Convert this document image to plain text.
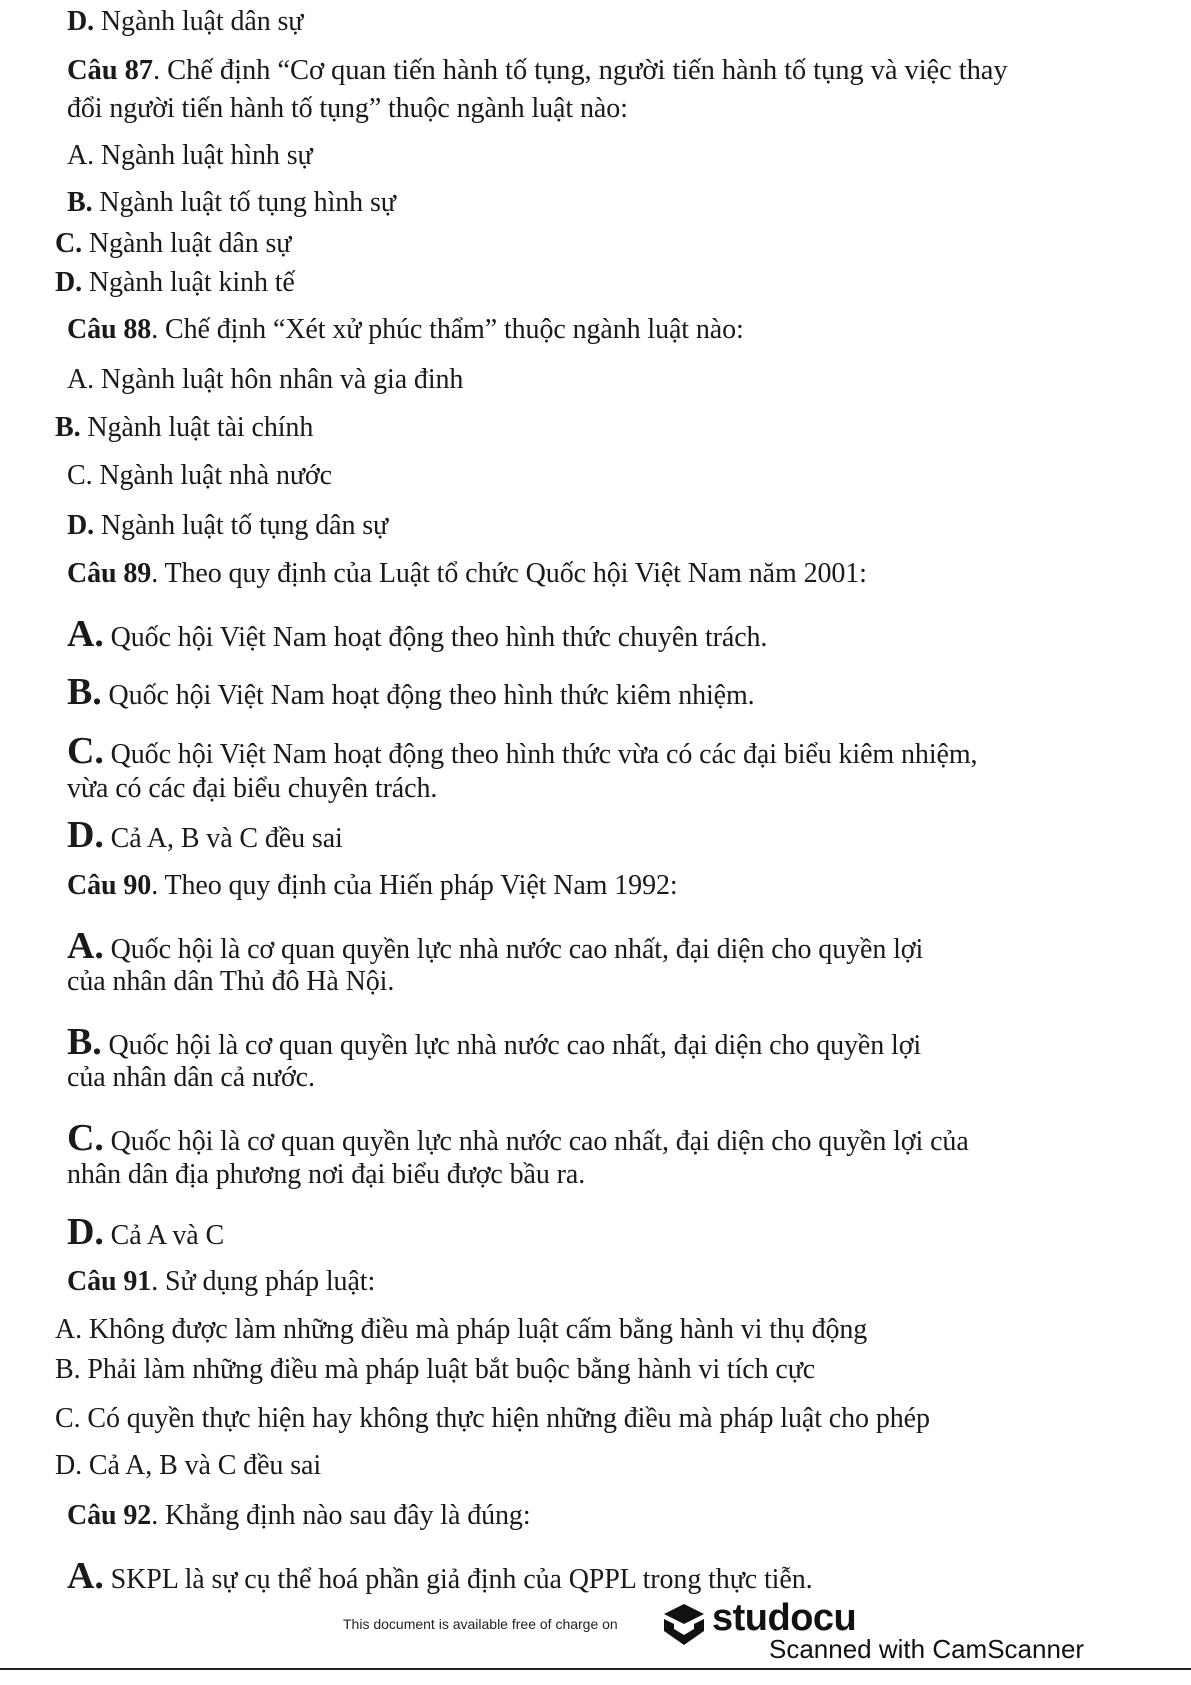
D. Ngành luật dân sự
Câu 87. Chế định “Cơ quan tiến hành tố tụng, người tiến hành tố tụng và việc thay
đổi người tiến hành tố tụng” thuộc ngành luật nào:
A. Ngành luật hình sự
B. Ngành luật tố tụng hình sự
C. Ngành luật dân sự
D. Ngành luật kinh tế
Câu 88. Chế định “Xét xử phúc thẩm” thuộc ngành luật nào:
A. Ngành luật hôn nhân và gia đinh
B. Ngành luật tài chính
C. Ngành luật nhà nước
D. Ngành luật tố tụng dân sự
Câu 89. Theo quy định của Luật tổ chức Quốc hội Việt Nam năm 2001:
A. Quốc hội Việt Nam hoạt động theo hình thức chuyên trách.
B. Quốc hội Việt Nam hoạt động theo hình thức kiêm nhiệm.
C. Quốc hội Việt Nam hoạt động theo hình thức vừa có các đại biểu kiêm nhiệm,
vừa có các đại biểu chuyên trách.
D. Cả A, B và C đều sai
Câu 90. Theo quy định của Hiến pháp Việt Nam 1992:
A. Quốc hội là cơ quan quyền lực nhà nước cao nhất, đại diện cho quyền lợi
của nhân dân Thủ đô Hà Nội.
B. Quốc hội là cơ quan quyền lực nhà nước cao nhất, đại diện cho quyền lợi
của nhân dân cả nước.
C. Quốc hội là cơ quan quyền lực nhà nước cao nhất, đại diện cho quyền lợi của
nhân dân địa phương nơi đại biểu được bầu ra.
D. Cả A và C
Câu 91. Sử dụng pháp luật:
A. Không được làm những điều mà pháp luật cấm bằng hành vi thụ động
B. Phải làm những điều mà pháp luật bắt buộc bằng hành vi tích cực
C. Có quyền thực hiện hay không thực hiện những điều mà pháp luật cho phép
D. Cả A, B và C đều sai
Câu 92. Khẳng định nào sau đây là đúng:
A. SKPL là sự cụ thể hoá phần giả định của QPPL trong thực tiễn.
This document is available free of charge on studocu
Scanned with CamScanner
